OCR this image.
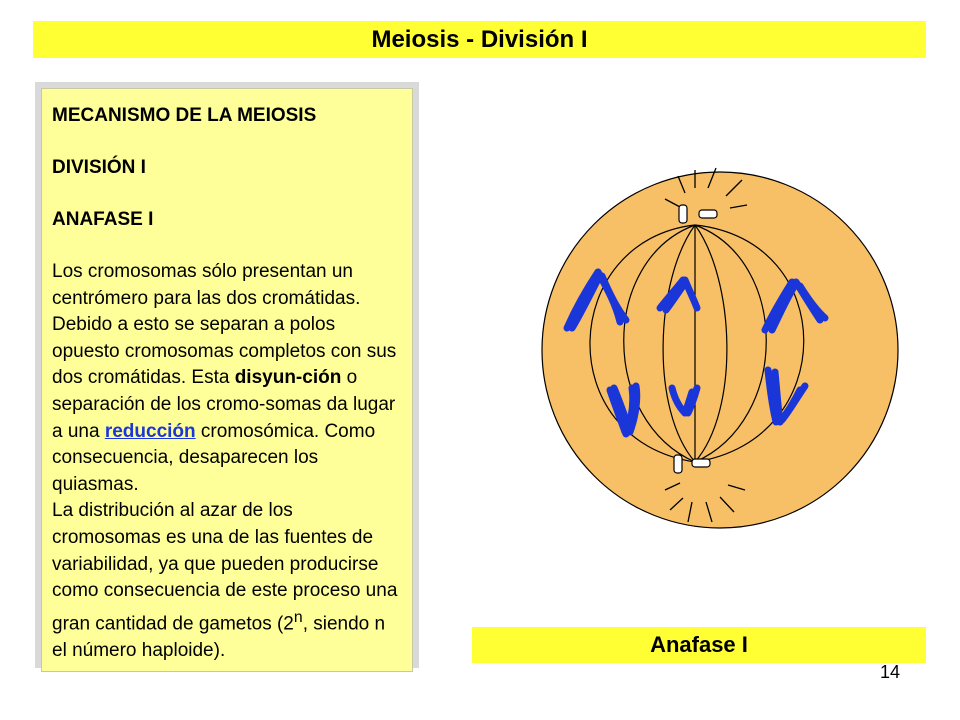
Meiosis - División I
MECANISMO DE LA MEIOSIS
DIVISIÓN I
ANAFASE I
Los cromosomas sólo presentan un centrómero para las dos cromátidas. Debido a esto se separan a polos opuesto cromosomas completos con sus dos cromátidas. Esta disyun-ción o separación de los cromo-somas da lugar a una reducción cromosómica. Como consecuencia, desaparecen los quiasmas.
La distribución al azar de los cromosomas es una de las fuentes de variabilidad, ya que pueden producirse como consecuencia de este proceso una gran cantidad de gametos (2$^n$, siendo n el número haploide).	Anafase I
14
